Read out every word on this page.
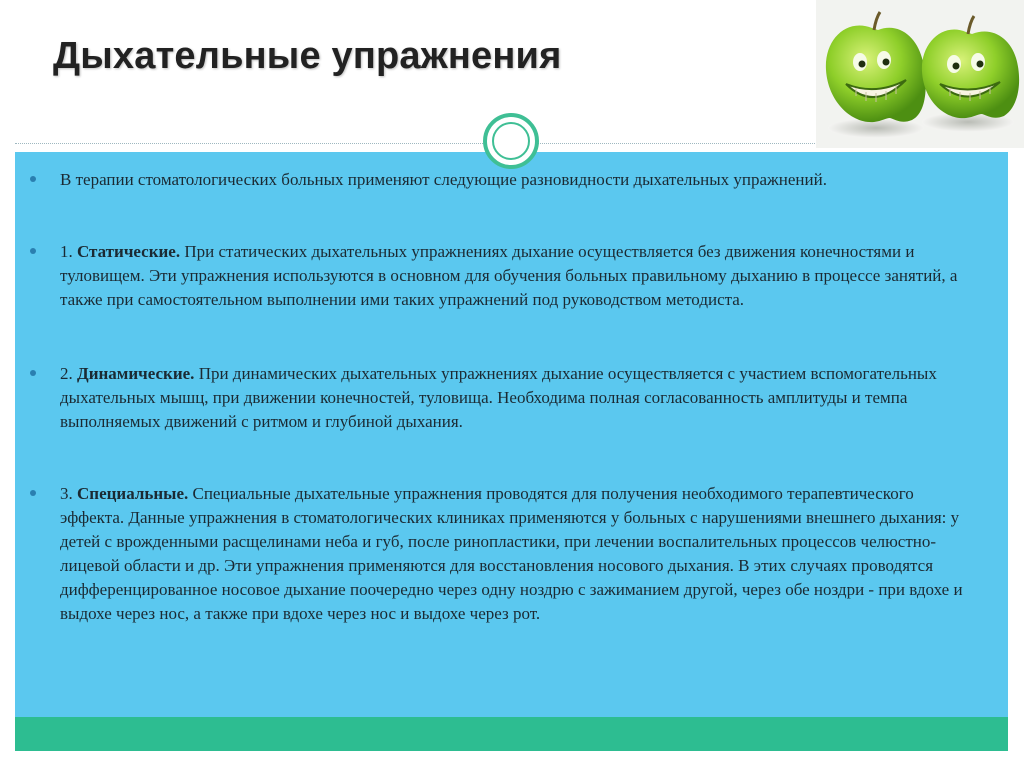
Дыхательные упражнения
В терапии стоматологических больных применяют следующие разновидности дыхательных упражнений.
1. Статические. При статических дыхательных упражнениях дыхание осуществляется без движения конечностями и туловищем. Эти упражнения используются в основном для обучения больных правильному дыханию в процессе занятий, а также при самостоятельном выполнении ими таких упражнений под руководством методиста.
2. Динамические. При динамических дыхательных упражнениях дыхание осуществляется с участием вспомогательных дыхательных мышц, при движении конечностей, туловища. Необходима полная согласованность амплитуды и темпа выполняемых движений с ритмом и глубиной дыхания.
3. Специальные. Специальные дыхательные упражнения проводятся для получения необходимого терапевтического эффекта. Данные упражнения в стоматологических клиниках применяются у больных с нарушениями внешнего дыхания: у детей с врожденными расщелинами неба и губ, после ринопластики, при лечении воспалительных процессов челюстно-лицевой области и др. Эти упражнения применяются для восстановления носового дыхания. В этих случаях проводятся дифференцированное носовое дыхание поочередно через одну ноздрю с зажиманием другой, через обе ноздри - при вдохе и выдохе через нос, а также при вдохе через нос и выдохе через рот.
